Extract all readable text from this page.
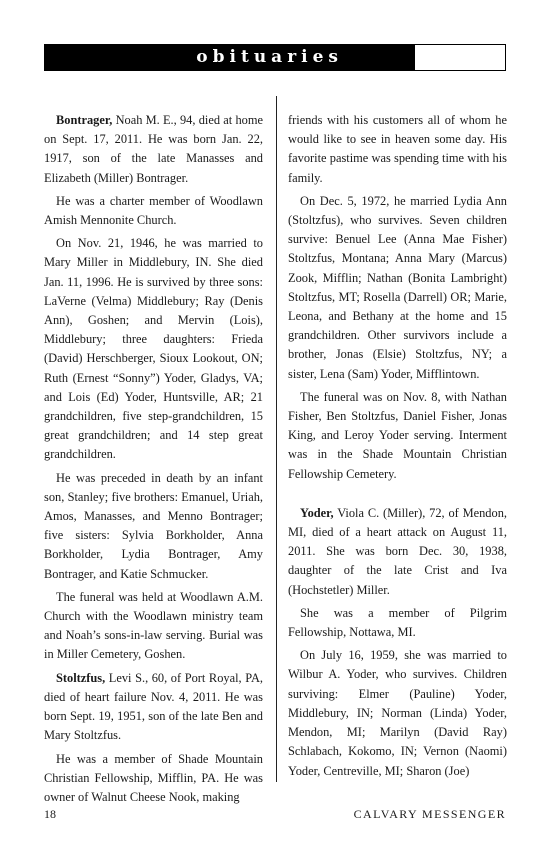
obituaries

Bontrager, Noah M. E., 94, died at home on Sept. 17, 2011. He was born Jan. 22, 1917, son of the late Manasses and Elizabeth (Miller) Bontrager.

He was a charter member of Woodlawn Amish Mennonite Church.

On Nov. 21, 1946, he was married to Mary Miller in Middlebury, IN. She died Jan. 11, 1996. He is survived by three sons: LaVerne (Velma) Middlebury; Ray (Denis Ann), Goshen; and Mervin (Lois), Middlebury; three daughters: Frieda (David) Herschberger, Sioux Lookout, ON; Ruth (Ernest “Sonny”) Yoder, Gladys, VA; and Lois (Ed) Yoder, Huntsville, AR; 21 grandchildren, five step-grandchildren, 15 great grandchildren; and 14 step great grandchildren.

He was preceded in death by an infant son, Stanley; five brothers: Emanuel, Uriah, Amos, Manasses, and Menno Bontrager; five sisters: Sylvia Borkholder, Anna Borkholder, Lydia Bontrager, Amy Bontrager, and Katie Schmucker.

The funeral was held at Woodlawn A.M. Church with the Woodlawn ministry team and Noah’s sons-in-law serving. Burial was in Miller Cemetery, Goshen.

Stoltzfus, Levi S., 60, of Port Royal, PA, died of heart failure Nov. 4, 2011. He was born Sept. 19, 1951, son of the late Ben and Mary Stoltzfus.

He was a member of Shade Mountain Christian Fellowship, Mifflin, PA. He was owner of Walnut Cheese Nook, making

friends with his customers all of whom he would like to see in heaven some day. His favorite pastime was spending time with his family.

On Dec. 5, 1972, he married Lydia Ann (Stoltzfus), who survives. Seven children survive: Benuel Lee (Anna Mae Fisher) Stoltzfus, Montana; Anna Mary (Marcus) Zook, Mifflin; Nathan (Bonita Lambright) Stoltzfus, MT; Rosella (Darrell) OR; Marie, Leona, and Bethany at the home and 15 grandchildren. Other survivors include a brother, Jonas (Elsie) Stoltzfus, NY; a sister, Lena (Sam) Yoder, Mifflintown.

The funeral was on Nov. 8, with Nathan Fisher, Ben Stoltzfus, Daniel Fisher, Jonas King, and Leroy Yoder serving. Interment was in the Shade Mountain Christian Fellowship Cemetery.

Yoder, Viola C. (Miller), 72, of Mendon, MI, died of a heart attack on August 11, 2011. She was born Dec. 30, 1938, daughter of the late Crist and Iva (Hochstetler) Miller.

She was a member of Pilgrim Fellowship, Nottawa, MI.

On July 16, 1959, she was married to Wilbur A. Yoder, who survives. Children surviving: Elmer (Pauline) Yoder, Middlebury, IN; Norman (Linda) Yoder, Mendon, MI; Marilyn (David Ray) Schlabach, Kokomo, IN; Vernon (Naomi) Yoder, Centreville, MI; Sharon (Joe)

18	CALVARY MESSENGER
